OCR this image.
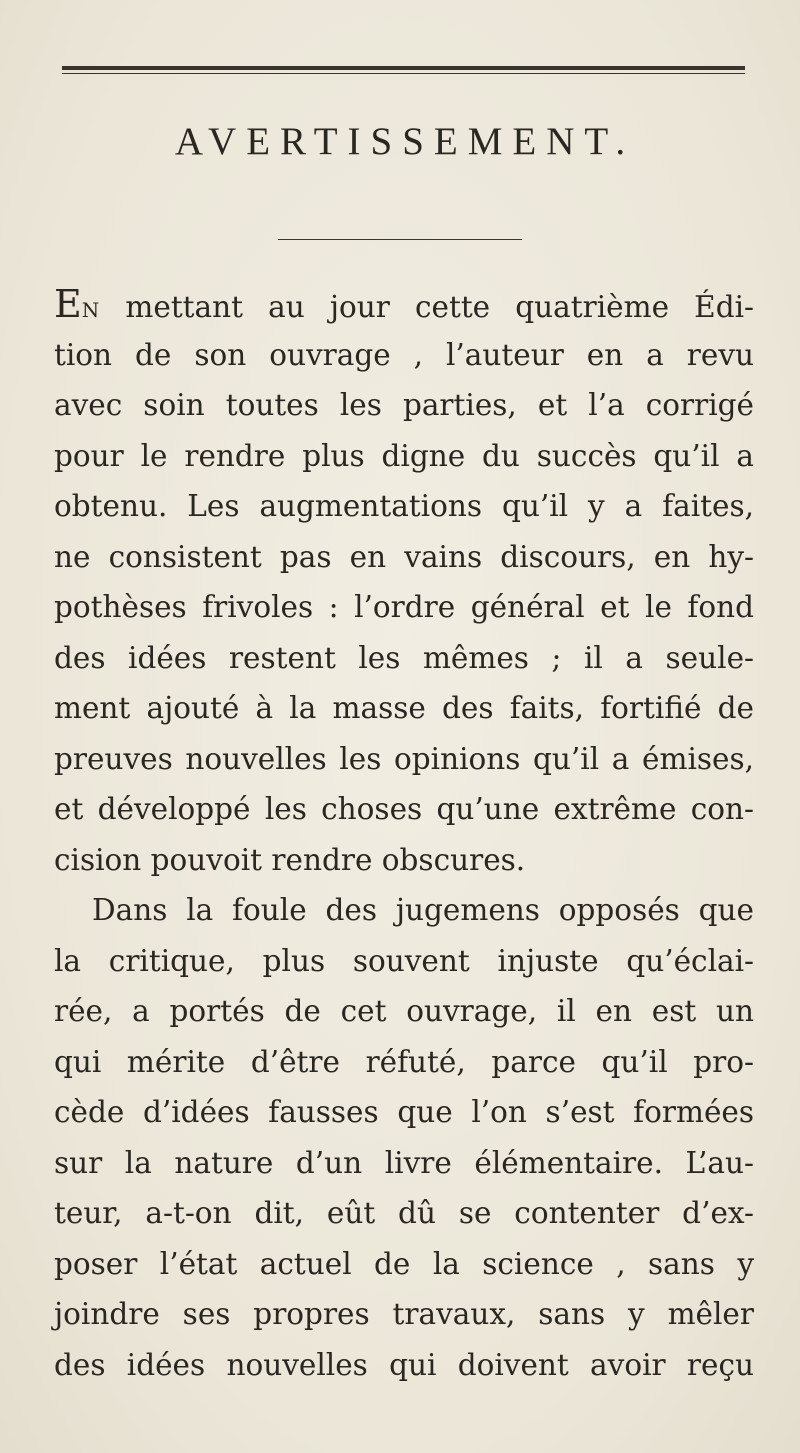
AVERTISSEMENT.
EN mettant au jour cette quatrième Édi-
tion de son ouvrage , l’auteur en a revu
avec soin toutes les parties, et l’a corrigé
pour le rendre plus digne du succès qu’il a
obtenu. Les augmentations qu’il y a faites,
ne consistent pas en vains discours, en hy-
pothèses frivoles : l’ordre général et le fond
des idées restent les mêmes ; il a seule-
ment ajouté à la masse des faits, fortifié de
preuves nouvelles les opinions qu’il a émises,
et développé les choses qu’une extrême con-
cision pouvoit rendre obscures.
Dans la foule des jugemens opposés que
la critique, plus souvent injuste qu’éclai-
rée, a portés de cet ouvrage, il en est un
qui mérite d’être réfuté, parce qu’il pro-
cède d’idées fausses que l’on s’est formées
sur la nature d’un livre élémentaire. L’au-
teur, a-t-on dit, eût dû se contenter d’ex-
poser l’état actuel de la science , sans y
joindre ses propres travaux, sans y mêler
des idées nouvelles qui doivent avoir reçu
